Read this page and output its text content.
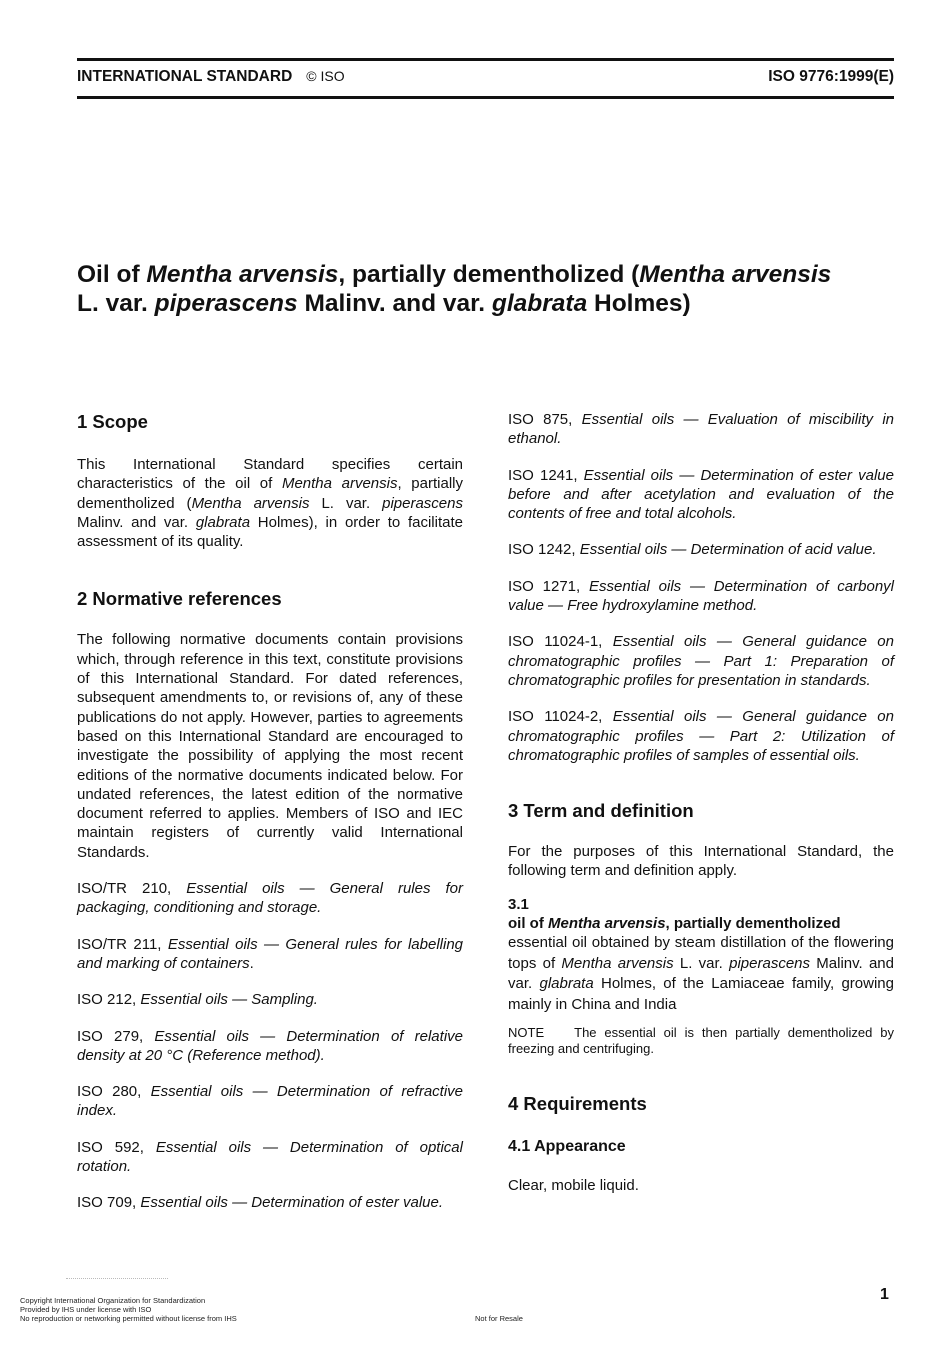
INTERNATIONAL STANDARD © ISO	ISO 9776:1999(E)
Oil of Mentha arvensis, partially dementholized (Mentha arvensis
L. var. piperascens Malinv. and var. glabrata Holmes)
1 Scope

This International Standard specifies certain characteristics of the oil of Mentha arvensis, partially dementholized (Mentha arvensis L. var. piperascens Malinv. and var. glabrata Holmes), in order to facilitate assessment of its quality.

2 Normative references

The following normative documents contain provisions which, through reference in this text, constitute provisions of this International Standard. For dated references, subsequent amendments to, or revisions of, any of these publications do not apply. However, parties to agreements based on this International Standard are encouraged to investigate the possibility of applying the most recent editions of the normative documents indicated below. For undated references, the latest edition of the normative document referred to applies. Members of ISO and IEC maintain registers of currently valid International Standards.

ISO/TR 210, Essential oils — General rules for packaging, conditioning and storage.

ISO/TR 211, Essential oils — General rules for labelling and marking of containers.

ISO 212, Essential oils — Sampling.

ISO 279, Essential oils — Determination of relative density at 20 °C (Reference method).

ISO 280, Essential oils — Determination of refractive index.

ISO 592, Essential oils — Determination of optical rotation.

ISO 709, Essential oils — Determination of ester value.

ISO 875, Essential oils — Evaluation of miscibility in ethanol.

ISO 1241, Essential oils — Determination of ester value before and after acetylation and evaluation of the contents of free and total alcohols.

ISO 1242, Essential oils — Determination of acid value.

ISO 1271, Essential oils — Determination of carbonyl value — Free hydroxylamine method.

ISO 11024-1, Essential oils — General guidance on chromatographic profiles — Part 1: Preparation of chromatographic profiles for presentation in standards.

ISO 11024-2, Essential oils — General guidance on chromatographic profiles — Part 2: Utilization of chromatographic profiles of samples of essential oils.

3 Term and definition

For the purposes of this International Standard, the following term and definition apply.

3.1

oil of Mentha arvensis, partially dementholized

essential oil obtained by steam distillation of the flowering tops of Mentha arvensis L. var. piperascens Malinv. and var. glabrata Holmes, of the Lamiaceae family, growing mainly in China and India

NOTE The essential oil is then partially dementholized by freezing and centrifuging.

4 Requirements
4.1 Appearance

Clear, mobile liquid.

Copyright International Organization for Standardization
Provided by IHS under license with ISO
No reproduction or networking permitted without license from IHS	Not for Resale
1
